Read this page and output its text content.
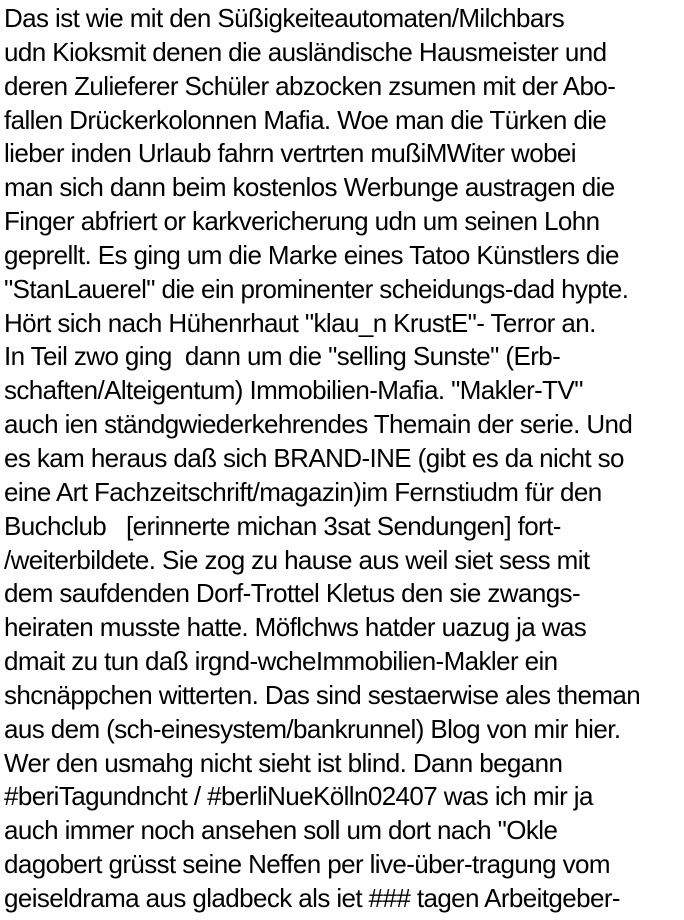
Das ist wie mit den Süßigkeiteautomaten/Milchbars
udn Kioksmit denen die ausländische Hausmeister und
deren Zulieferer Schüler abzocken zsumen mit der Abo-
fallen Drückerkolonnen Mafia. Woe man die Türken die
lieber inden Urlaub fahrn vertrten mußiMWiter wobei
man sich dann beim kostenlos Werbunge austragen die
Finger abfriert or karkvericherung udn um seinen Lohn
geprellt. Es ging um die Marke eines Tatoo Künstlers die
"StanLauerel" die ein prominenter scheidungs-dad hypte.
Hört sich nach Hühenrhaut "klau_n KrustE"- Terror an.
In Teil zwo ging  dann um die "selling Sunste" (Erb-
schaften/Alteigentum) Immobilien-Mafia. "Makler-TV"
auch ien ständgwiederkehrendes Themain der serie. Und
es kam heraus daß sich BRAND-INE (gibt es da nicht so
eine Art Fachzeitschrift/magazin)im Fernstiudm für den
Buchclub   [erinnerte michan 3sat Sendungen] fort-
/weiterbildete. Sie zog zu hause aus weil siet sess mit
dem saufdenden Dorf-Trottel Kletus den sie zwangs-
heiraten musste hatte. Möflchws hatder uazug ja was
dmait zu tun daß irgnd-wcheImmobilien-Makler ein
shcnäppchen witterten. Das sind sestaerwise ales theman
aus dem (sch-einesystem/bankrunnel) Blog von mir hier.
Wer den usmahg nicht sieht ist blind. Dann begann
#beriTagundncht / #berliNueKölln02407 was ich mir ja
auch immer noch ansehen soll um dort nach "Okle
dagobert grüsst seine Neffen per live-über-tragung vom
geiseldrama aus gladbeck als iet ### tagen Arbeitgeber-
